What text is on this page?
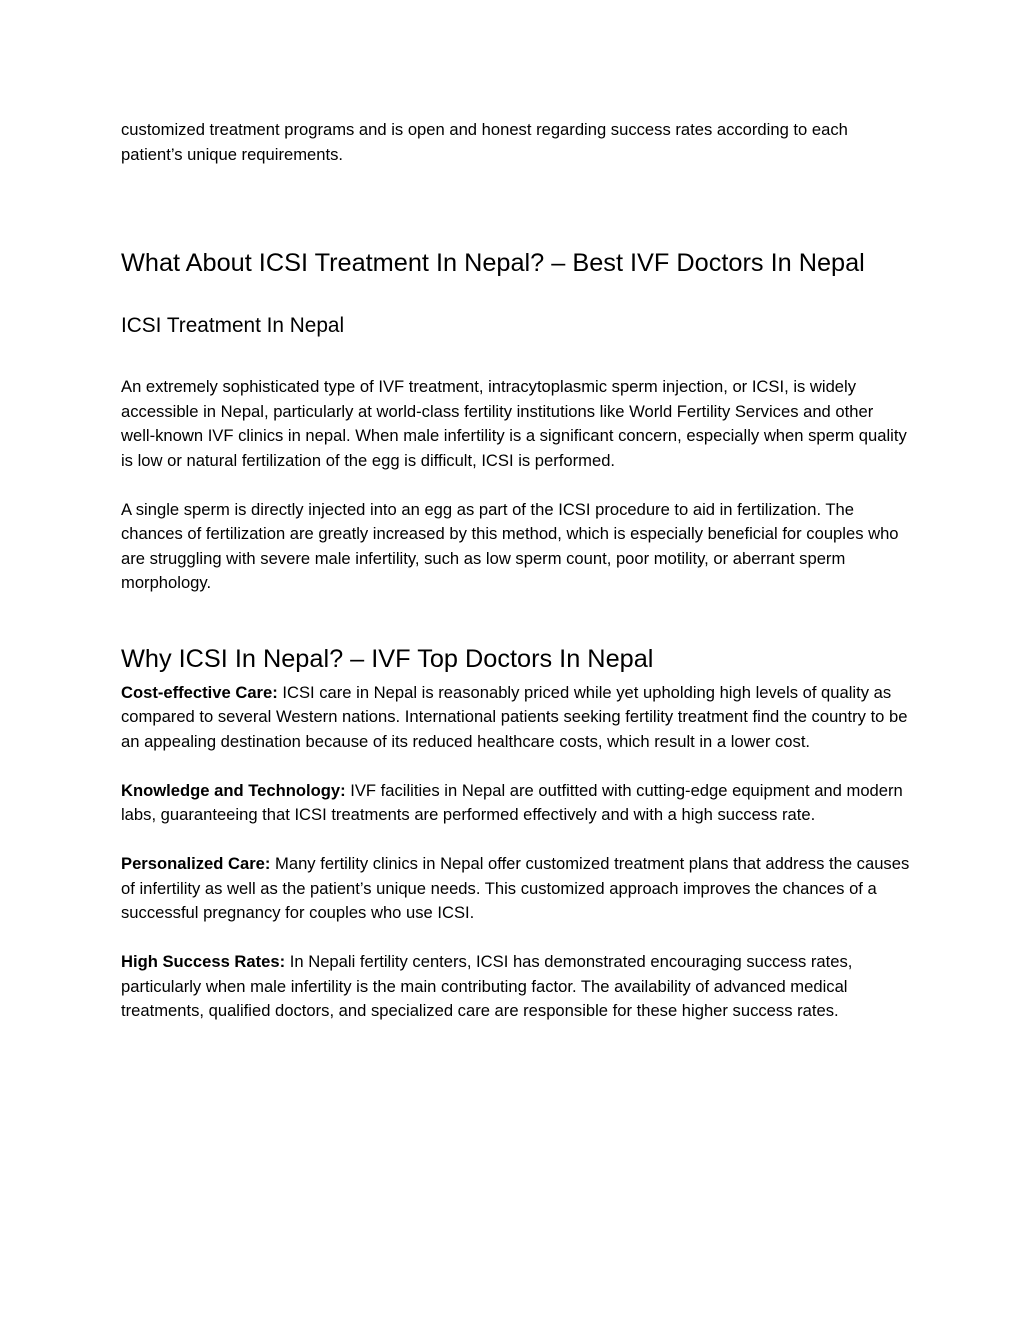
customized treatment programs and is open and honest regarding success rates according to each patient’s unique requirements.

What About ICSI Treatment In Nepal? – Best IVF Doctors In Nepal
ICSI Treatment In Nepal

An extremely sophisticated type of IVF treatment, intracytoplasmic sperm injection, or ICSI, is widely accessible in Nepal, particularly at world-class fertility institutions like World Fertility Services and other well-known IVF clinics in nepal. When male infertility is a significant concern, especially when sperm quality is low or natural fertilization of the egg is difficult, ICSI is performed.

A single sperm is directly injected into an egg as part of the ICSI procedure to aid in fertilization. The chances of fertilization are greatly increased by this method, which is especially beneficial for couples who are struggling with severe male infertility, such as low sperm count, poor motility, or aberrant sperm morphology.

Why ICSI In Nepal? – IVF Top Doctors In Nepal

Cost-effective Care: ICSI care in Nepal is reasonably priced while yet upholding high levels of quality as compared to several Western nations. International patients seeking fertility treatment find the country to be an appealing destination because of its reduced healthcare costs, which result in a lower cost.

Knowledge and Technology: IVF facilities in Nepal are outfitted with cutting-edge equipment and modern labs, guaranteeing that ICSI treatments are performed effectively and with a high success rate.

Personalized Care: Many fertility clinics in Nepal offer customized treatment plans that address the causes of infertility as well as the patient’s unique needs. This customized approach improves the chances of a successful pregnancy for couples who use ICSI.

High Success Rates: In Nepali fertility centers, ICSI has demonstrated encouraging success rates, particularly when male infertility is the main contributing factor. The availability of advanced medical treatments, qualified doctors, and specialized care are responsible for these higher success rates.
